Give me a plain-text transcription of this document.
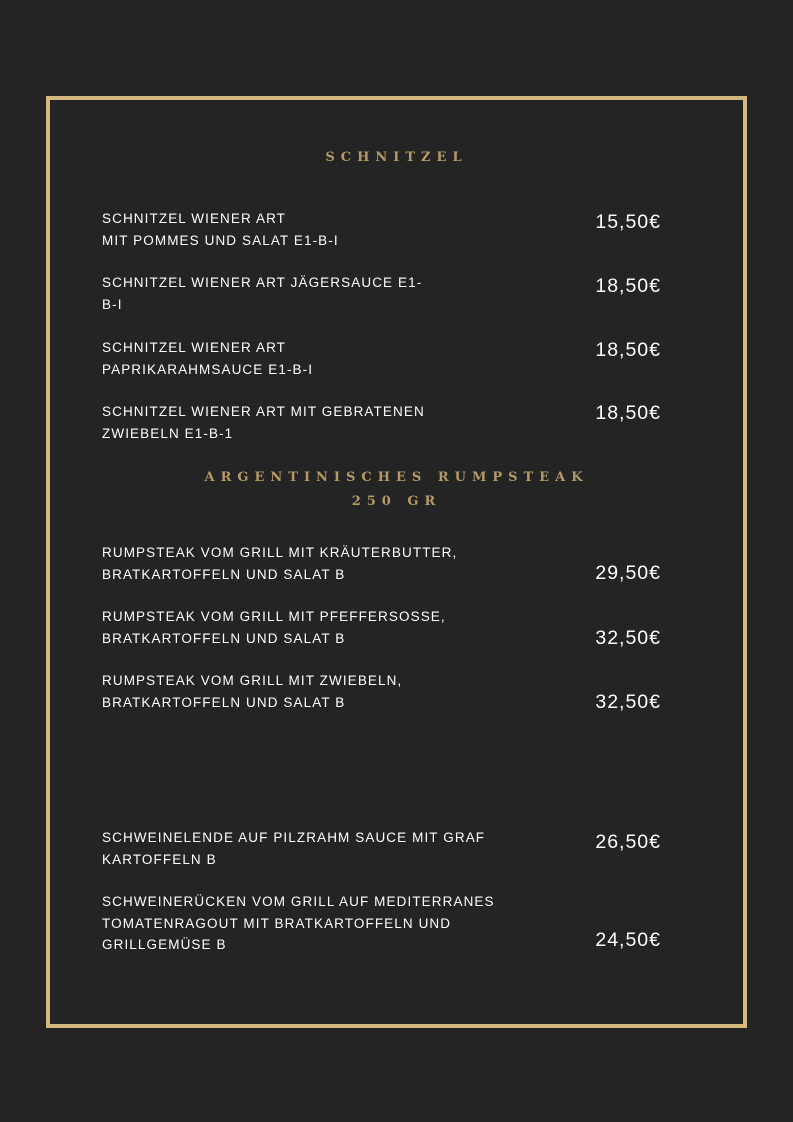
SCHNITZEL
SCHNITZEL WIENER ART
MIT POMMES UND SALAT E1-B-I
15,50€
SCHNITZEL WIENER ART JÄGERSAUCE E1-
B-I
18,50€
SCHNITZEL WIENER ART
PAPRIKARAHMSAUCE E1-B-I
18,50€
SCHNITZEL WIENER ART MIT GEBRATENEN
ZWIEBELN E1-B-1
18,50€
ARGENTINISCHES RUMPSTEAK
250 GR
RUMPSTEAK VOM GRILL MIT KRÄUTERBUTTER,
BRATKARTOFFELN UND SALAT B	29,50€
RUMPSTEAK VOM GRILL MIT PFEFFERSOSSE,
BRATKARTOFFELN UND SALAT B	32,50€
RUMPSTEAK VOM GRILL MIT ZWIEBELN,
BRATKARTOFFELN UND SALAT B	32,50€
SCHWEINELENDE AUF PILZRAHM SAUCE MIT GRAF
KARTOFFELN B
26,50€
SCHWEINERÜCKEN VOM GRILL AUF MEDITERRANES
TOMATENRAGOUT MIT BRATKARTOFFELN UND
GRILLGEMÜSE B	24,50€
